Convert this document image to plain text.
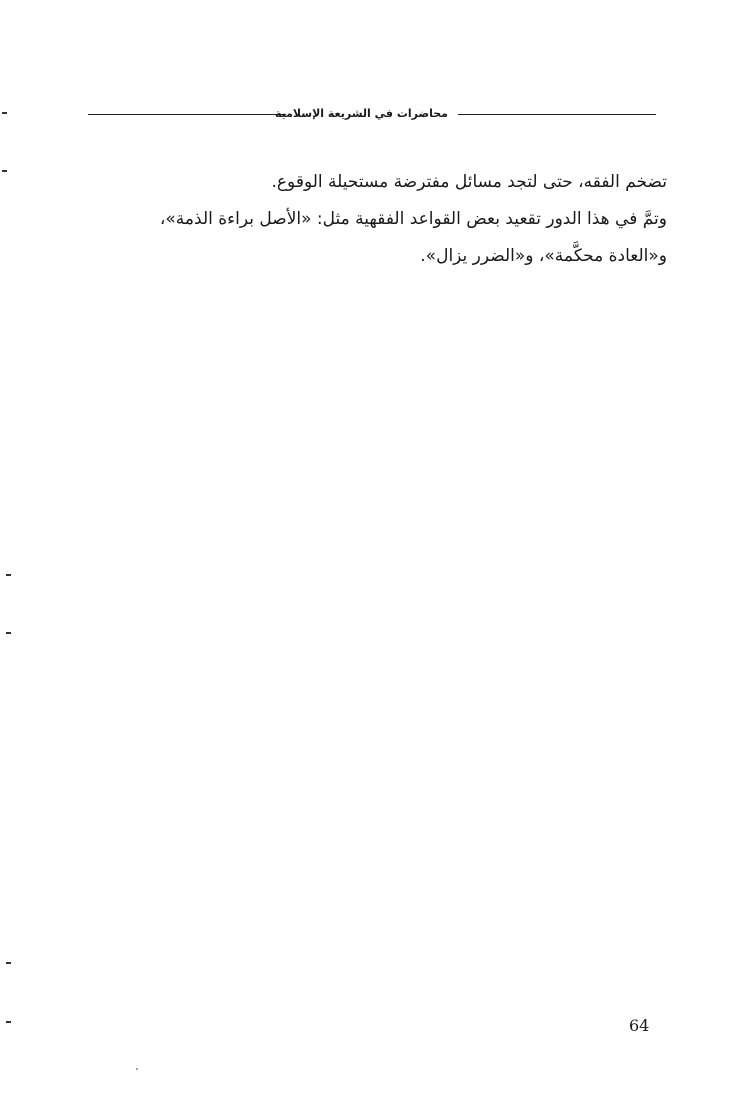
محاضرات في الشريعة الإسلامية
تضخم الفقه، حتى لتجد مسائل مفترضة مستحيلة الوقوع.
وتمَّ في هذا الدور تقعيد بعض القواعد الفقهية مثل: «الأصل براءة الذمة»،
و«العادة محكَّمة»، و«الضرر يزال».
64
